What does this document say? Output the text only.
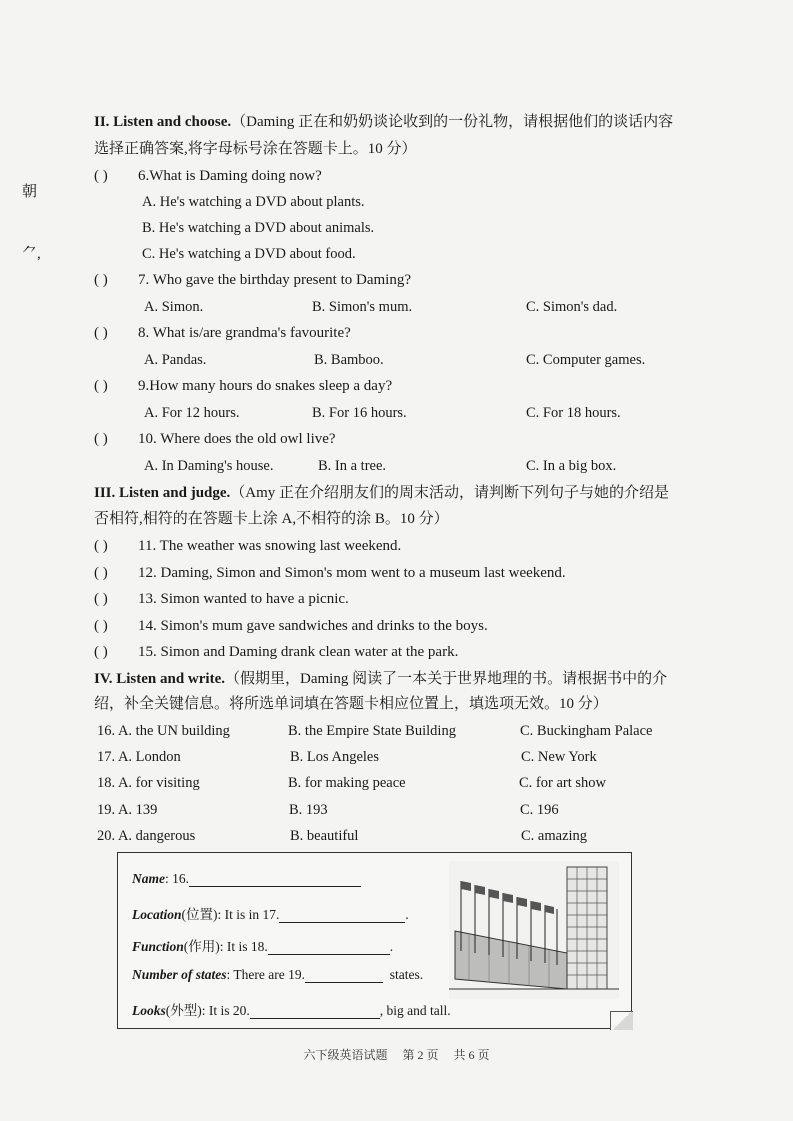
朝
⺈,
II. Listen and choose.（Daming 正在和奶奶谈论收到的一份礼物，请根据他们的谈话内容
选择正确答案,将字母标号涂在答题卡上。10 分）
( ) 6.What is Daming doing now?
A. He's watching a DVD about plants.
B. He's watching a DVD about animals.
C. He's watching a DVD about food.
( ) 7. Who gave the birthday present to Daming?
A. Simon.	B. Simon's mum.	C. Simon's dad.
( ) 8. What is/are grandma's favourite?
A. Pandas.	B. Bamboo.	C. Computer games.
( ) 9.How many hours do snakes sleep a day?
A. For 12 hours.	B. For 16 hours.	C. For 18 hours.
( ) 10. Where does the old owl live?
A. In Daming's house.	B. In a tree.	C. In a big box.
III. Listen and judge.（Amy 正在介绍朋友们的周末活动，请判断下列句子与她的介绍是
否相符,相符的在答题卡上涂 A,不相符的涂 B。10 分）
( ) 11. The weather was snowing last weekend.
( ) 12. Daming, Simon and Simon's mom went to a museum last weekend.
( ) 13. Simon wanted to have a picnic.
( ) 14. Simon's mum gave sandwiches and drinks to the boys.
( ) 15. Simon and Daming drank clean water at the park.
IV. Listen and write.（假期里，Daming 阅读了一本关于世界地理的书。请根据书中的介
绍，补全关键信息。将所选单词填在答题卡相应位置上，填选项无效。10 分）
16. A. the UN building	B. the Empire State Building	C. Buckingham Palace
17. A. London	B. Los Angeles	C. New York
18. A. for visiting	B. for making peace	C. for art show
19. A. 139	B. 193	C. 196
20. A. dangerous	B. beautiful	C. amazing
Name: 16.
Location(位置): It is in 17.	.
Function(作用): It is 18.	.
Number of states: There are 19.	states.
Looks(外型): It is 20.	, big and tall.
六下级英语试题 第 2 页 共 6 页
